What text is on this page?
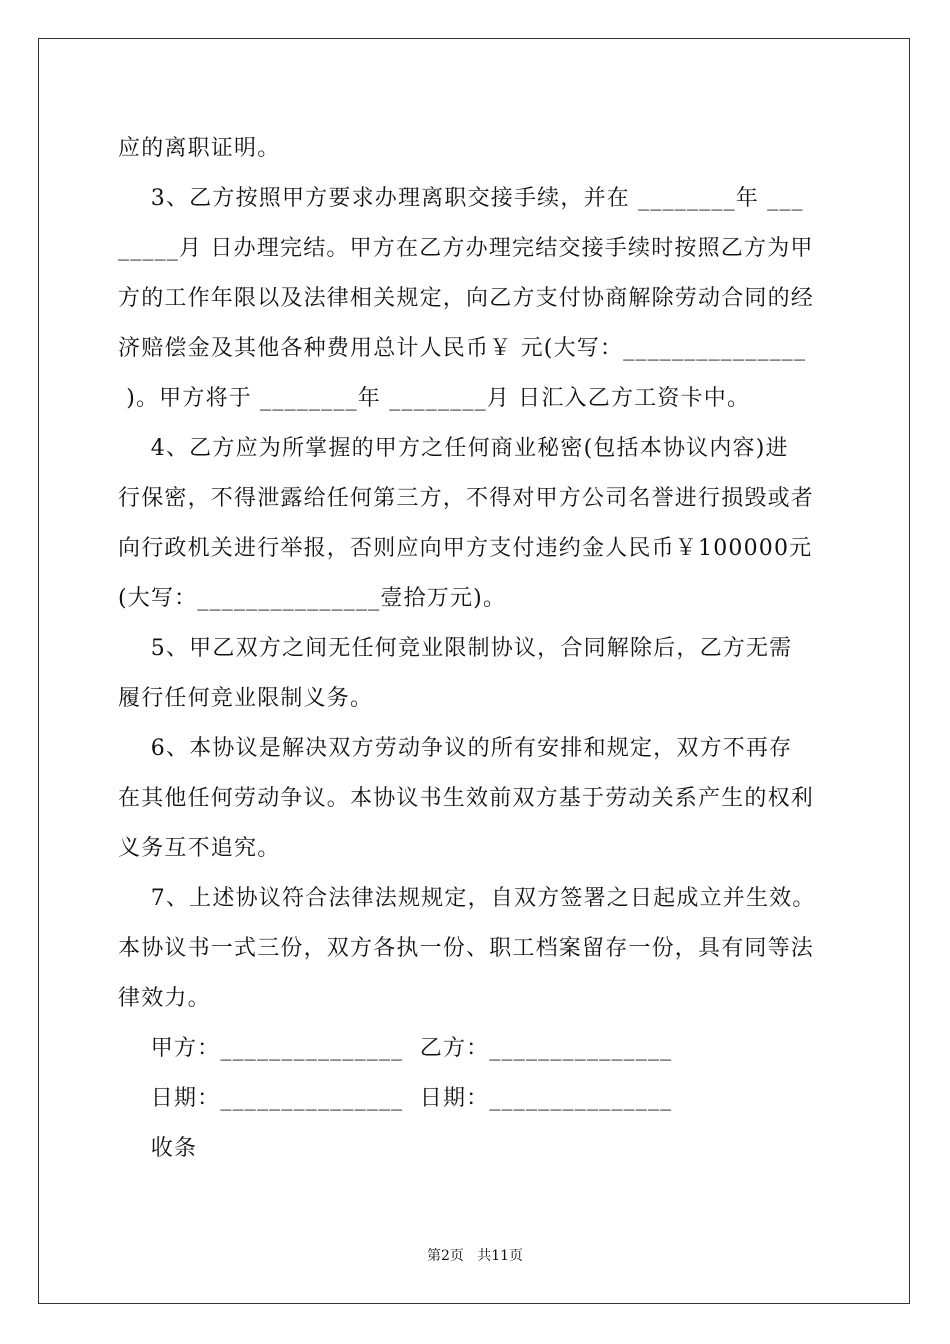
应的离职证明。
3、乙方按照甲方要求办理离职交接手续，并在 ________年 ___
_____月 日办理完结。甲方在乙方办理完结交接手续时按照乙方为甲
方的工作年限以及法律相关规定，向乙方支付协商解除劳动合同的经
济赔偿金及其他各种费用总计人民币￥ 元(大写：_______________
)。甲方将于 ________年 ________月 日汇入乙方工资卡中。
4、乙方应为所掌握的甲方之任何商业秘密(包括本协议内容)进
行保密，不得泄露给任何第三方，不得对甲方公司名誉进行损毁或者
向行政机关进行举报，否则应向甲方支付违约金人民币￥100000元
(大写：_______________壹拾万元)。
5、甲乙双方之间无任何竞业限制协议，合同解除后，乙方无需
履行任何竞业限制义务。
6、本协议是解决双方劳动争议的所有安排和规定，双方不再存
在其他任何劳动争议。本协议书生效前双方基于劳动关系产生的权利
义务互不追究。
7、上述协议符合法律法规规定，自双方签署之日起成立并生效。
本协议书一式三份，双方各执一份、职工档案留存一份，具有同等法
律效力。
甲方：_______________  乙方：_______________
日期：_______________  日期：_______________
收条
第2页   共11页
